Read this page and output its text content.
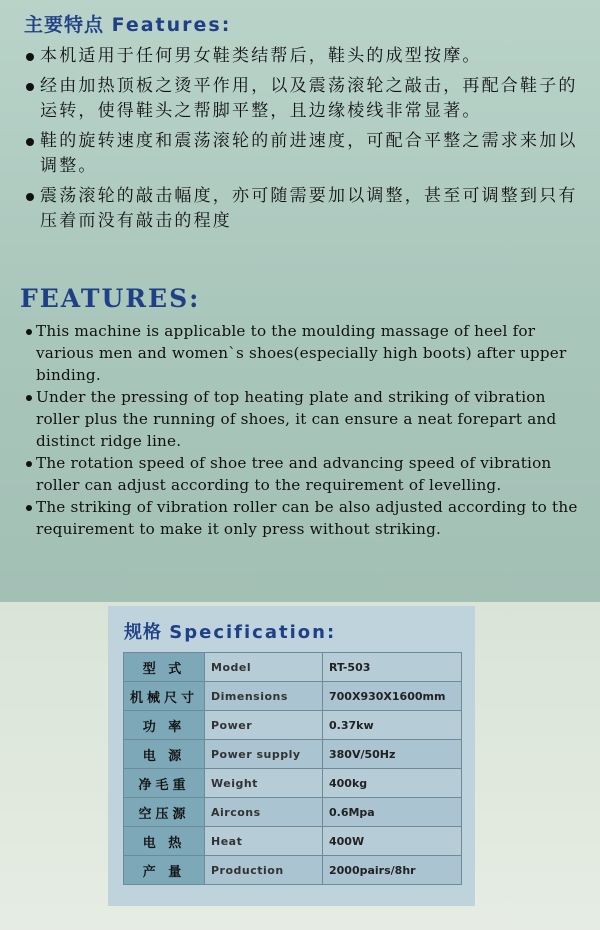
主要特点 Features:
本机适用于任何男女鞋类结帮后，鞋头的成型按摩。
经由加热顶板之烫平作用，以及震荡滚轮之敲击，再配合鞋子的运转，使得鞋头之帮脚平整，且边缘棱线非常显著。
鞋的旋转速度和震荡滚轮的前进速度，可配合平整之需求来加以调整。
震荡滚轮的敲击幅度，亦可随需要加以调整，甚至可调整到只有压着而没有敲击的程度
FEATURES:
This machine is applicable to the moulding massage of heel for various men and women`s shoes(especially high boots) after upper binding.
Under the pressing of top heating plate and striking of vibration roller plus the running of shoes, it can ensure a neat forepart and distinct ridge line.
The rotation speed of shoe tree and advancing speed of vibration roller can adjust according to the requirement of levelling.
The striking of vibration roller can be also adjusted according to the requirement to make it only press without striking.
规格 Specification:
型 式	Model	RT-503
机械尺寸	Dimensions	700X930X1600mm
功 率	Power	0.37kw
电 源	Power supply	380V/50Hz
净毛重	Weight	400kg
空压源	Aircons	0.6Mpa
电 热	Heat	400W
产 量	Production	2000pairs/8hr
